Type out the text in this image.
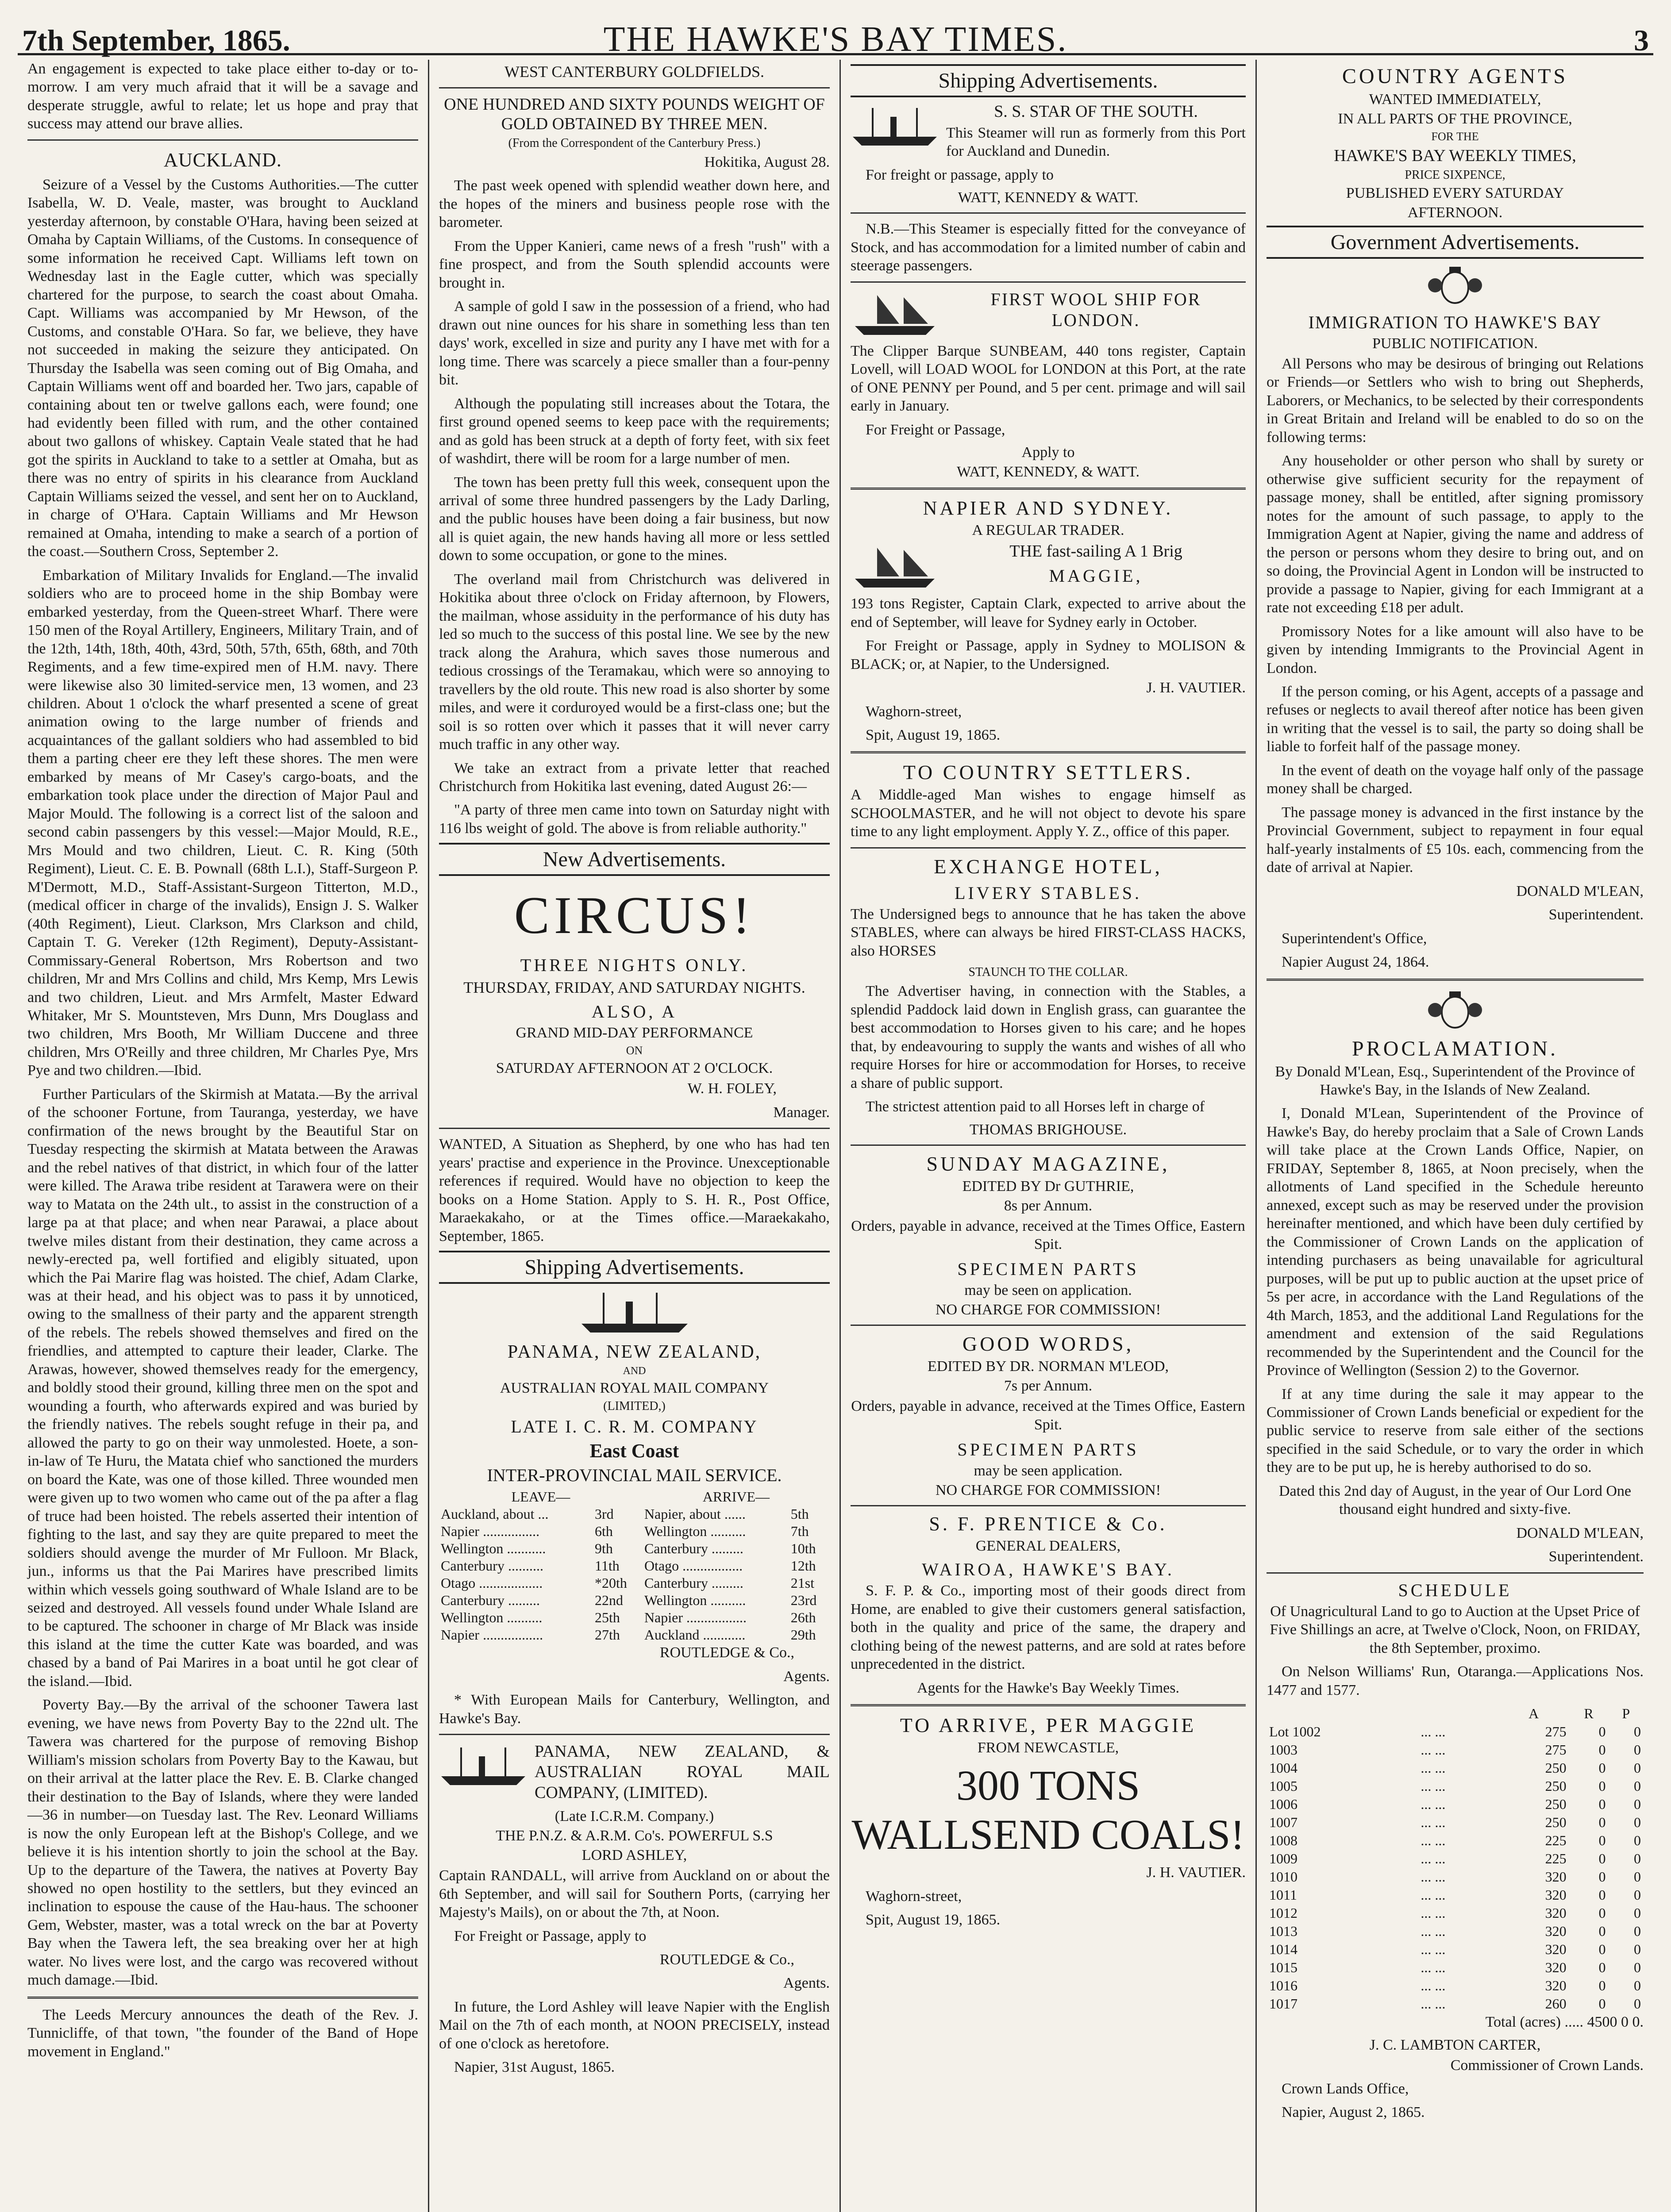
7th September, 1865.	THE HAWKE'S BAY TIMES.	3

An engagement is expected to take place either to-day or to-morrow. I am very much afraid that it will be a savage and desperate struggle, awful to relate; let us hope and pray that success may attend our brave allies.

AUCKLAND.

Seizure of a Vessel by the Customs Authorities.—The cutter Isabella, W. D. Veale, master, was brought to Auckland yesterday afternoon, by constable O'Hara, having been seized at Omaha by Captain Williams, of the Customs. In consequence of some information he received Capt. Williams left town on Wednesday last in the Eagle cutter, which was specially chartered for the purpose, to search the coast about Omaha. Capt. Williams was accompanied by Mr Hewson, of the Customs, and constable O'Hara. So far, we believe, they have not succeeded in making the seizure they anticipated. On Thursday the Isabella was seen coming out of Big Omaha, and Captain Williams went off and boarded her. Two jars, capable of containing about ten or twelve gallons each, were found; one had evidently been filled with rum, and the other contained about two gallons of whiskey. Captain Veale stated that he had got the spirits in Auckland to take to a settler at Omaha, but as there was no entry of spirits in his clearance from Auckland Captain Williams seized the vessel, and sent her on to Auckland, in charge of O'Hara. Captain Williams and Mr Hewson remained at Omaha, intending to make a search of a portion of the coast.—Southern Cross, September 2.

Embarkation of Military Invalids for England.—The invalid soldiers who are to proceed home in the ship Bombay were embarked yesterday, from the Queen-street Wharf. There were 150 men of the Royal Artillery, Engineers, Military Train, and of the 12th, 14th, 18th, 40th, 43rd, 50th, 57th, 65th, 68th, and 70th Regiments, and a few time-expired men of H.M. navy. There were likewise also 30 limited-service men, 13 women, and 23 children. About 1 o'clock the wharf presented a scene of great animation owing to the large number of friends and acquaintances of the gallant soldiers who had assembled to bid them a parting cheer ere they left these shores. The men were embarked by means of Mr Casey's cargo-boats, and the embarkation took place under the direction of Major Paul and Major Mould. The following is a correct list of the saloon and second cabin passengers by this vessel:—Major Mould, R.E., Mrs Mould and two children, Lieut. C. R. King (50th Regiment), Lieut. C. E. B. Pownall (68th L.I.), Staff-Surgeon P. M'Dermott, M.D., Staff-Assistant-Surgeon Titterton, M.D., (medical officer in charge of the invalids), Ensign J. S. Walker (40th Regiment), Lieut. Clarkson, Mrs Clarkson and child, Captain T. G. Vereker (12th Regiment), Deputy-Assistant-Commissary-General Robertson, Mrs Robertson and two children, Mr and Mrs Collins and child, Mrs Kemp, Mrs Lewis and two children, Lieut. and Mrs Armfelt, Master Edward Whitaker, Mr S. Mountsteven, Mrs Dunn, Mrs Douglass and two children, Mrs Booth, Mr William Duccene and three children, Mrs O'Reilly and three children, Mr Charles Pye, Mrs Pye and two children.—Ibid.

Further Particulars of the Skirmish at Matata.—By the arrival of the schooner Fortune, from Tauranga, yesterday, we have confirmation of the news brought by the Beautiful Star on Tuesday respecting the skirmish at Matata between the Arawas and the rebel natives of that district, in which four of the latter were killed. The Arawa tribe resident at Tarawera were on their way to Matata on the 24th ult., to assist in the construction of a large pa at that place; and when near Parawai, a place about twelve miles distant from their destination, they came across a newly-erected pa, well fortified and eligibly situated, upon which the Pai Marire flag was hoisted. The chief, Adam Clarke, was at their head, and his object was to pass it by unnoticed, owing to the smallness of their party and the apparent strength of the rebels. The rebels showed themselves and fired on the friendlies, and attempted to capture their leader, Clarke. The Arawas, however, showed themselves ready for the emergency, and boldly stood their ground, killing three men on the spot and wounding a fourth, who afterwards expired and was buried by the friendly natives. The rebels sought refuge in their pa, and allowed the party to go on their way unmolested. Hoete, a son-in-law of Te Huru, the Matata chief who sanctioned the murders on board the Kate, was one of those killed. Three wounded men were given up to two women who came out of the pa after a flag of truce had been hoisted. The rebels asserted their intention of fighting to the last, and say they are quite prepared to meet the soldiers should avenge the murder of Mr Fulloon. Mr Black, jun., informs us that the Pai Marires have prescribed limits within which vessels going southward of Whale Island are to be seized and destroyed. All vessels found under Whale Island are to be captured. The schooner in charge of Mr Black was inside this island at the time the cutter Kate was boarded, and was chased by a band of Pai Marires in a boat until he got clear of the island.—Ibid.

Poverty Bay.—By the arrival of the schooner Tawera last evening, we have news from Poverty Bay to the 22nd ult. The Tawera was chartered for the purpose of removing Bishop William's mission scholars from Poverty Bay to the Kawau, but on their arrival at the latter place the Rev. E. B. Clarke changed their destination to the Bay of Islands, where they were landed—36 in number—on Tuesday last. The Rev. Leonard Williams is now the only European left at the Bishop's College, and we believe it is his intention shortly to join the school at the Bay. Up to the departure of the Tawera, the natives at Poverty Bay showed no open hostility to the settlers, but they evinced an inclination to espouse the cause of the Hau-haus. The schooner Gem, Webster, master, was a total wreck on the bar at Poverty Bay when the Tawera left, the sea breaking over her at high water. No lives were lost, and the cargo was recovered without much damage.—Ibid.

The Leeds Mercury announces the death of the Rev. J. Tunnicliffe, of that town, "the founder of the Band of Hope movement in England."

WEST CANTERBURY GOLDFIELDS.
ONE HUNDRED AND SIXTY POUNDS WEIGHT OF GOLD OBTAINED BY THREE MEN.
(From the Correspondent of the Canterbury Press.)

Hokitika, August 28.

The past week opened with splendid weather down here, and the hopes of the miners and business people rose with the barometer.

From the Upper Kanieri, came news of a fresh "rush" with a fine prospect, and from the South splendid accounts were brought in.

A sample of gold I saw in the possession of a friend, who had drawn out nine ounces for his share in something less than ten days' work, excelled in size and purity any I have met with for a long time. There was scarcely a piece smaller than a four-penny bit.

Although the populating still increases about the Totara, the first ground opened seems to keep pace with the requirements; and as gold has been struck at a depth of forty feet, with six feet of washdirt, there will be room for a large number of men.

The town has been pretty full this week, consequent upon the arrival of some three hundred passengers by the Lady Darling, and the public houses have been doing a fair business, but now all is quiet again, the new hands having all more or less settled down to some occupation, or gone to the mines.

The overland mail from Christchurch was delivered in Hokitika about three o'clock on Friday afternoon, by Flowers, the mailman, whose assiduity in the performance of his duty has led so much to the success of this postal line. We see by the new track along the Arahura, which saves those numerous and tedious crossings of the Teramakau, which were so annoying to travellers by the old route. This new road is also shorter by some miles, and were it corduroyed would be a first-class one; but the soil is so rotten over which it passes that it will never carry much traffic in any other way.

We take an extract from a private letter that reached Christchurch from Hokitika last evening, dated August 26:—

"A party of three men came into town on Saturday night with 116 lbs weight of gold. The above is from reliable authority."

New Advertisements.
CIRCUS!
THREE NIGHTS ONLY.
THURSDAY, FRIDAY, AND SATURDAY NIGHTS.
ALSO, A
GRAND MID-DAY PERFORMANCE
ON
SATURDAY AFTERNOON AT 2 O'CLOCK.

W. H. FOLEY,

Manager.

WANTED, A Situation as Shepherd, by one who has had ten years' practise and experience in the Province. Unexceptionable references if required. Would have no objection to keep the books on a Home Station. Apply to S. H. R., Post Office, Maraekakaho, or at the Times office.—Maraekakaho, September, 1865.

Shipping Advertisements.
PANAMA, NEW ZEALAND,
AND
AUSTRALIAN ROYAL MAIL COMPANY
(LIMITED,)
LATE I. C. R. M. COMPANY
East Coast
INTER-PROVINCIAL MAIL SERVICE.
LEAVE—		ARRIVE—	
Auckland, about ...	3rd	Napier, about ......	5th
Napier ................	6th	Wellington ..........	7th
Wellington ...........	9th	Canterbury .........	10th
Canterbury ..........	11th	Otago .................	12th
Otago ..................	*20th	Canterbury .........	21st
Canterbury .........	22nd	Wellington ..........	23rd
Wellington ..........	25th	Napier .................	26th
Napier .................	27th	Auckland ............	29th

ROUTLEDGE & Co.,

Agents.

* With European Mails for Canterbury, Wellington, and Hawke's Bay.

PANAMA, NEW ZEALAND, & AUSTRALIAN ROYAL MAIL COMPANY, (LIMITED).

(Late I.C.R.M. Company.)
THE P.N.Z. & A.R.M. Co's. POWERFUL S.S
LORD ASHLEY,

Captain RANDALL, will arrive from Auckland on or about the 6th September, and will sail for Southern Ports, (carrying her Majesty's Mails), on or about the 7th, at Noon.

For Freight or Passage, apply to

ROUTLEDGE & Co.,

Agents.

In future, the Lord Ashley will leave Napier with the English Mail on the 7th of each month, at NOON PRECISELY, instead of one o'clock as heretofore.

Napier, 31st August, 1865.

Shipping Advertisements.
S. S. STAR OF THE SOUTH.

This Steamer will run as formerly from this Port for Auckland and Dunedin.

For freight or passage, apply to

WATT, KENNEDY & WATT.

N.B.—This Steamer is especially fitted for the conveyance of Stock, and has accommodation for a limited number of cabin and steerage passengers.

FIRST WOOL SHIP FOR LONDON.

The Clipper Barque SUNBEAM, 440 tons register, Captain Lovell, will LOAD WOOL for LONDON at this Port, at the rate of ONE PENNY per Pound, and 5 per cent. primage and will sail early in January.

For Freight or Passage,

Apply to
WATT, KENNEDY, & WATT.
NAPIER AND SYDNEY.
A REGULAR TRADER.
THE fast-sailing A 1 Brig
MAGGIE,

193 tons Register, Captain Clark, expected to arrive about the end of September, will leave for Sydney early in October.

For Freight or Passage, apply in Sydney to MOLISON & BLACK; or, at Napier, to the Undersigned.

J. H. VAUTIER.

Waghorn-street,

Spit, August 19, 1865.

TO COUNTRY SETTLERS.

A Middle-aged Man wishes to engage himself as SCHOOLMASTER, and he will not object to devote his spare time to any light employment. Apply Y. Z., office of this paper.

EXCHANGE HOTEL,
LIVERY STABLES.

The Undersigned begs to announce that he has taken the above STABLES, where can always be hired FIRST-CLASS HACKS, also HORSES

STAUNCH TO THE COLLAR.

The Advertiser having, in connection with the Stables, a splendid Paddock laid down in English grass, can guarantee the best accommodation to Horses given to his care; and he hopes that, by endeavouring to supply the wants and wishes of all who require Horses for hire or accommodation for Horses, to receive a share of public support.

The strictest attention paid to all Horses left in charge of

THOMAS BRIGHOUSE.
SUNDAY MAGAZINE,
EDITED BY Dr GUTHRIE,
8s per Annum.

Orders, payable in advance, received at the Times Office, Eastern Spit.

SPECIMEN PARTS
may be seen on application.
NO CHARGE FOR COMMISSION!
GOOD WORDS,
EDITED BY DR. NORMAN M'LEOD,
7s per Annum.

Orders, payable in advance, received at the Times Office, Eastern Spit.

SPECIMEN PARTS
may be seen application.
NO CHARGE FOR COMMISSION!
S. F. PRENTICE & Co.
GENERAL DEALERS,
WAIROA, HAWKE'S BAY.

S. F. P. & Co., importing most of their goods direct from Home, are enabled to give their customers general satisfaction, both in the quality and price of the same, the drapery and clothing being of the newest patterns, and are sold at rates before unprecedented in the district.

Agents for the Hawke's Bay Weekly Times.

TO ARRIVE, PER MAGGIE
FROM NEWCASTLE,
300 TONS WALLSEND COALS!

J. H. VAUTIER.

Waghorn-street,

Spit, August 19, 1865.

COUNTRY AGENTS
WANTED IMMEDIATELY,
IN ALL PARTS OF THE PROVINCE,
FOR THE
HAWKE'S BAY WEEKLY TIMES,
PRICE SIXPENCE,
PUBLISHED EVERY SATURDAY
AFTERNOON.
Government Advertisements.
IMMIGRATION TO HAWKE'S BAY
PUBLIC NOTIFICATION.

All Persons who may be desirous of bringing out Relations or Friends—or Settlers who wish to bring out Shepherds, Laborers, or Mechanics, to be selected by their correspondents in Great Britain and Ireland will be enabled to do so on the following terms:

Any householder or other person who shall by surety or otherwise give sufficient security for the repayment of passage money, shall be entitled, after signing promissory notes for the amount of such passage, to apply to the Immigration Agent at Napier, giving the name and address of the person or persons whom they desire to bring out, and on so doing, the Provincial Agent in London will be instructed to provide a passage to Napier, giving for each Immigrant at a rate not exceeding £18 per adult.

Promissory Notes for a like amount will also have to be given by intending Immigrants to the Provincial Agent in London.

If the person coming, or his Agent, accepts of a passage and refuses or neglects to avail thereof after notice has been given in writing that the vessel is to sail, the party so doing shall be liable to forfeit half of the passage money.

In the event of death on the voyage half only of the passage money shall be charged.

The passage money is advanced in the first instance by the Provincial Government, subject to repayment in four equal half-yearly instalments of £5 10s. each, commencing from the date of arrival at Napier.

DONALD M'LEAN,

Superintendent.

Superintendent's Office,

Napier August 24, 1864.

PROCLAMATION.

By Donald M'Lean, Esq., Superintendent of the Province of Hawke's Bay, in the Islands of New Zealand.

I, Donald M'Lean, Superintendent of the Province of Hawke's Bay, do hereby proclaim that a Sale of Crown Lands will take place at the Crown Lands Office, Napier, on FRIDAY, September 8, 1865, at Noon precisely, when the allotments of Land specified in the Schedule hereunto annexed, except such as may be reserved under the provision hereinafter mentioned, and which have been duly certified by the Commissioner of Crown Lands on the application of intending purchasers as being unavailable for agricultural purposes, will be put up to public auction at the upset price of 5s per acre, in accordance with the Land Regulations of the 4th March, 1853, and the additional Land Regulations for the amendment and extension of the said Regulations recommended by the Superintendent and the Council for the Province of Wellington (Session 2) to the Governor.

If at any time during the sale it may appear to the Commissioner of Crown Lands beneficial or expedient for the public service to reserve from sale either of the sections specified in the said Schedule, or to vary the order in which they are to be put up, he is hereby authorised to do so.

Dated this 2nd day of August, in the year of Our Lord One thousand eight hundred and sixty-five.

DONALD M'LEAN,

Superintendent.

SCHEDULE

Of Unagricultural Land to go to Auction at the Upset Price of Five Shillings an acre, at Twelve o'Clock, Noon, on FRIDAY, the 8th September, proximo.

On Nelson Williams' Run, Otaranga.—Applications Nos. 1477 and 1577.

		A	R	P
Lot 1002	... ...	275	0	0
1003	... ...	275	0	0
1004	... ...	250	0	0
1005	... ...	250	0	0
1006	... ...	250	0	0
1007	... ...	250	0	0
1008	... ...	225	0	0
1009	... ...	225	0	0
1010	... ...	320	0	0
1011	... ...	320	0	0
1012	... ...	320	0	0
1013	... ...	320	0	0
1014	... ...	320	0	0
1015	... ...	320	0	0
1016	... ...	320	0	0
1017	... ...	260	0	0

Total (acres) ..... 4500 0 0.

J. C. LAMBTON CARTER,

Commissioner of Crown Lands.

Crown Lands Office,

Napier, August 2, 1865.
